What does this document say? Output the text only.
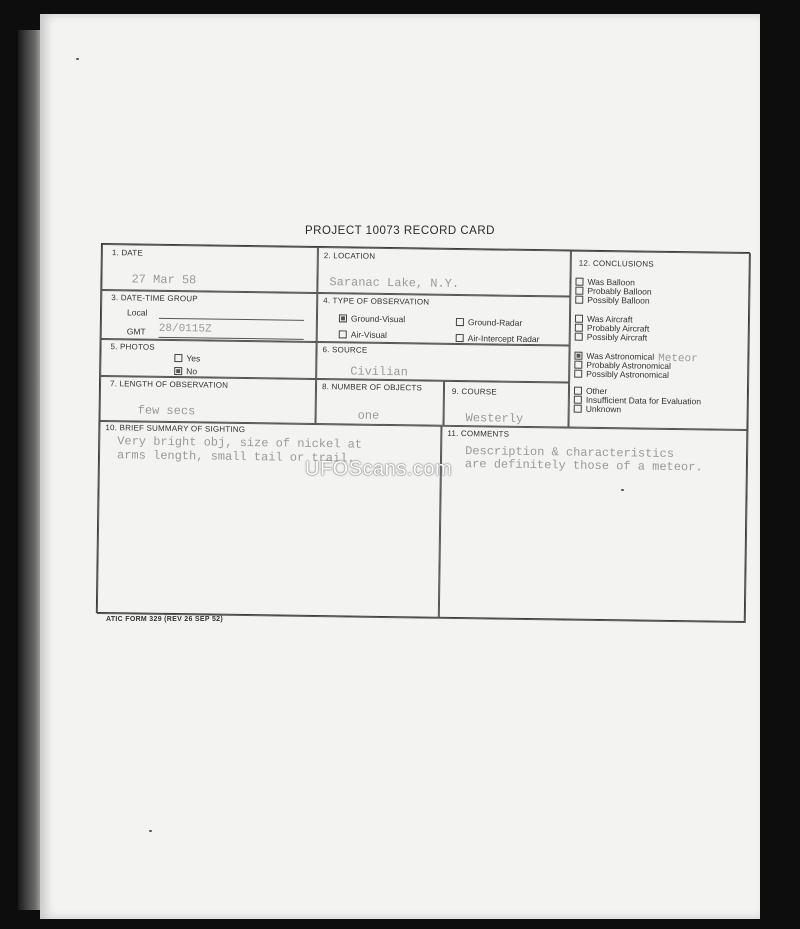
PROJECT 10073 RECORD CARD
1. DATE
27 Mar 58
2. LOCATION
Saranac Lake, N.Y.
3. DATE-TIME GROUP
Local
GMT 28/0115Z
4. TYPE OF OBSERVATION
Ground-Visual	Ground-Radar
Air-Visual	Air-Intercept Radar
5. PHOTOS
Yes
No
6. SOURCE
Civilian
7. LENGTH OF OBSERVATION
few secs
8. NUMBER OF OBJECTS
one
9. COURSE
Westerly
12. CONCLUSIONS
Was Balloon
Probably Balloon
Possibly Balloon
Was Aircraft
Probably Aircraft
Possibly Aircraft
Was Astronomical Meteor
Probably Astronomical
Possibly Astronomical
Other
Insufficient Data for Evaluation
Unknown
10. BRIEF SUMMARY OF SIGHTING
Very bright obj, size of nickel at
arms length, small tail or trail.
11. COMMENTS
Description & characteristics
are definitely those of a meteor.
ATIC FORM 329 (REV 26 SEP 52)
UFOScans.com
